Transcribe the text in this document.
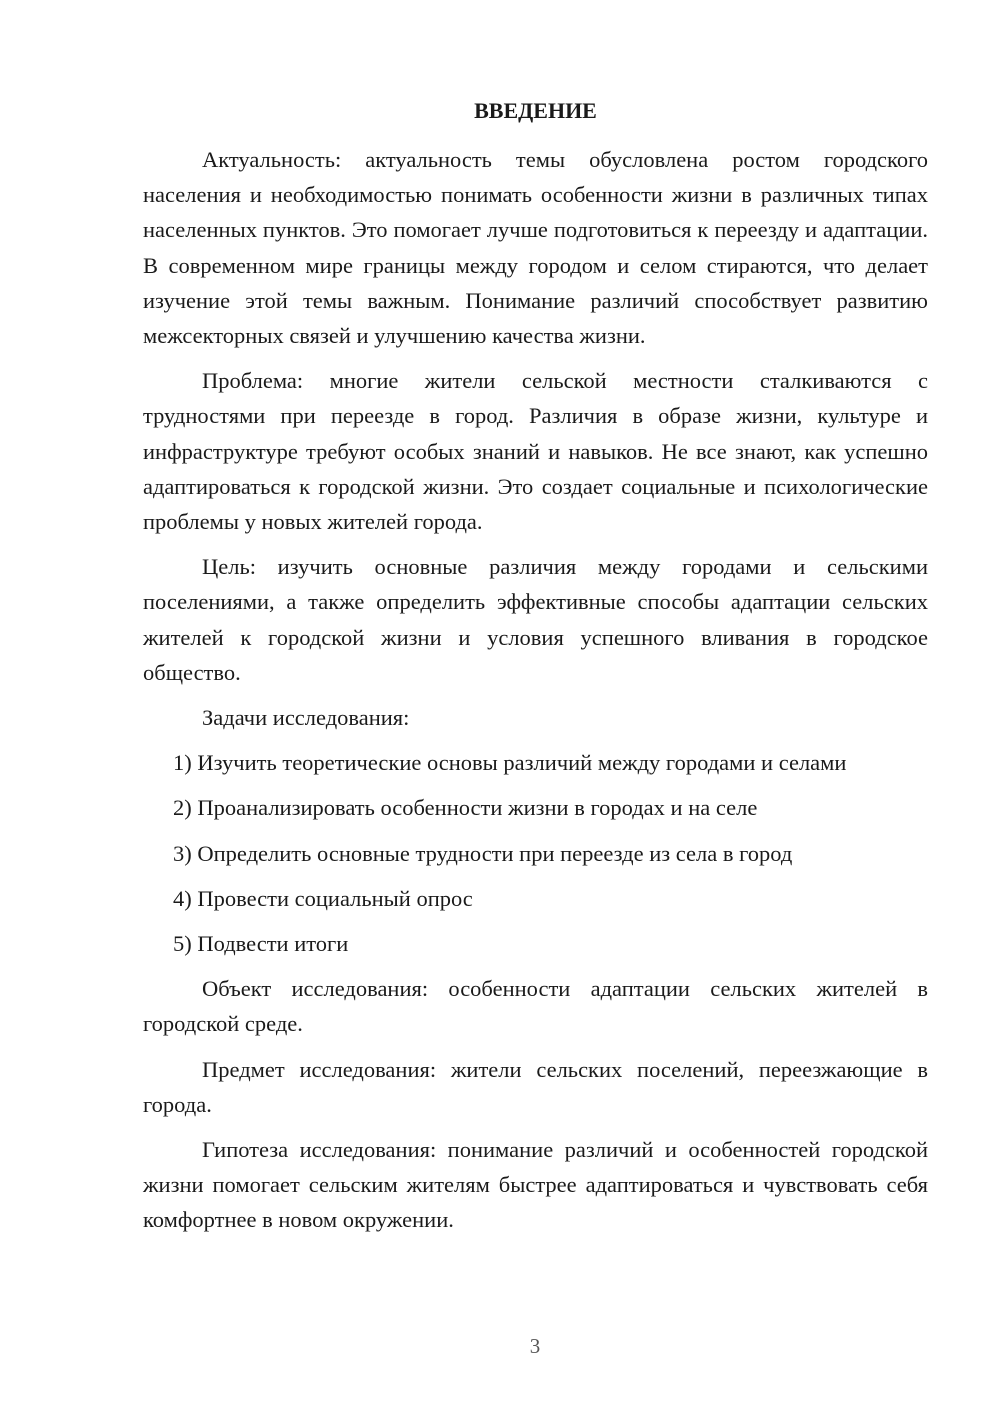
ВВЕДЕНИЕ

Актуальность: актуальность темы обусловлена ростом городского населения и необходимостью понимать особенности жизни в различных типах населенных пунктов. Это помогает лучше подготовиться к переезду и адаптации. В современном мире границы между городом и селом стираются, что делает изучение этой темы важным. Понимание различий способствует развитию межсекторных связей и улучшению качества жизни.

Проблема: многие жители сельской местности сталкиваются с трудностями при переезде в город. Различия в образе жизни, культуре и инфраструктуре требуют особых знаний и навыков. Не все знают, как успешно адаптироваться к городской жизни. Это создает социальные и психологические проблемы у новых жителей города.

Цель: изучить основные различия между городами и сельскими поселениями, а также определить эффективные способы адаптации сельских жителей к городской жизни и условия успешного вливания в городское общество.

Задачи исследования:

1) Изучить теоретические основы различий между городами и селами
2) Проанализировать особенности жизни в городах и на селе
3) Определить основные трудности при переезде из села в город
4) Провести социальный опрос
5) Подвести итоги

Объект исследования: особенности адаптации сельских жителей в городской среде.

Предмет исследования: жители сельских поселений, переезжающие в города.

Гипотеза исследования: понимание различий и особенностей городской жизни помогает сельским жителям быстрее адаптироваться и чувствовать себя комфортнее в новом окружении.

3
